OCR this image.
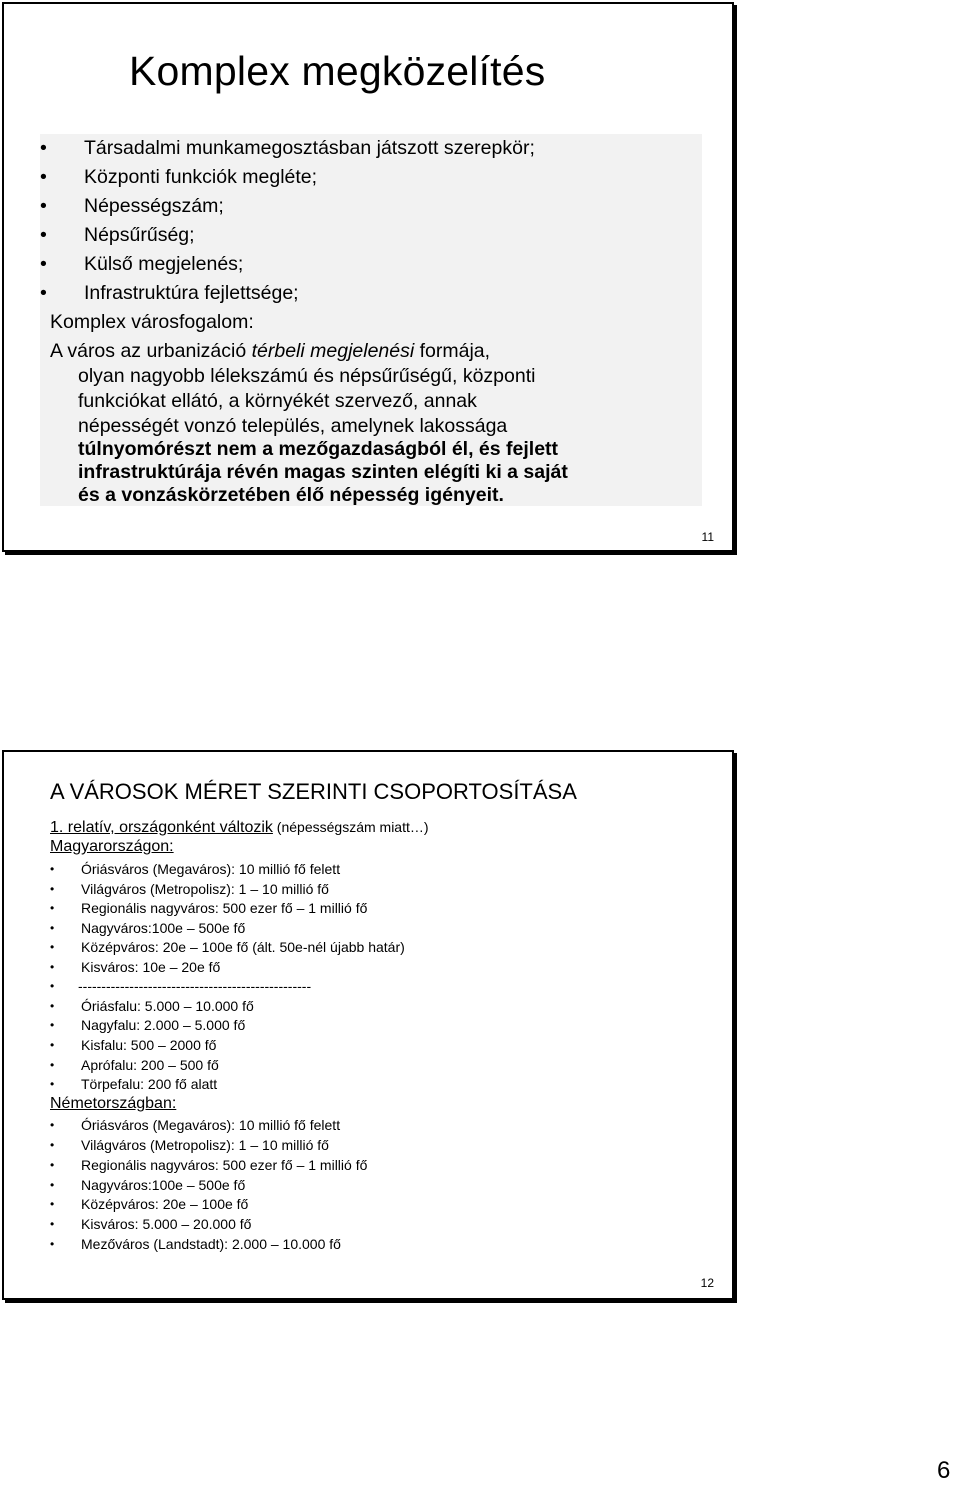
Komplex megközelítés
• Társadalmi munkamegosztásban játszott szerepkör;
• Központi funkciók megléte;
• Népességszám;
• Népsűrűség;
• Külső megjelenés;
• Infrastruktúra fejlettsége;
Komplex városfogalom:
A város az urbanizáció térbeli megjelenési formája,
olyan nagyobb lélekszámú és népsűrűségű, központi
funkciókat ellátó, a környékét szervező, annak
népességét vonzó település, amelynek lakossága
túlnyomórészt nem a mezőgazdaságból él, és fejlett
infrastruktúrája révén magas szinten elégíti ki a saját
és a vonzáskörzetében élő népesség igényeit.
11
A VÁROSOK MÉRET SZERINTI CSOPORTOSÍTÁSA
1. relatív, országonként változik (népességszám miatt…)
Magyarországon:
• Óriásváros (Megaváros): 10 millió fő felett
• Világváros (Metropolisz): 1 – 10 millió fő
• Regionális nagyváros: 500 ezer fő – 1 millió fő
• Nagyváros:100e – 500e fő
• Középváros: 20e – 100e fő (ált. 50e-nél újabb határ)
• Kisváros: 10e – 20e fő
• --------------------------------------------------
• Óriásfalu: 5.000 – 10.000 fő
• Nagyfalu: 2.000 – 5.000 fő
• Kisfalu: 500 – 2000 fő
• Aprófalu: 200 – 500 fő
• Törpefalu: 200 fő alatt
Németországban:
• Óriásváros (Megaváros): 10 millió fő felett
• Világváros (Metropolisz): 1 – 10 millió fő
• Regionális nagyváros: 500 ezer fő – 1 millió fő
• Nagyváros:100e – 500e fő
• Középváros: 20e – 100e fő
• Kisváros: 5.000 – 20.000 fő
• Mezőváros (Landstadt): 2.000 – 10.000 fő
12
6
